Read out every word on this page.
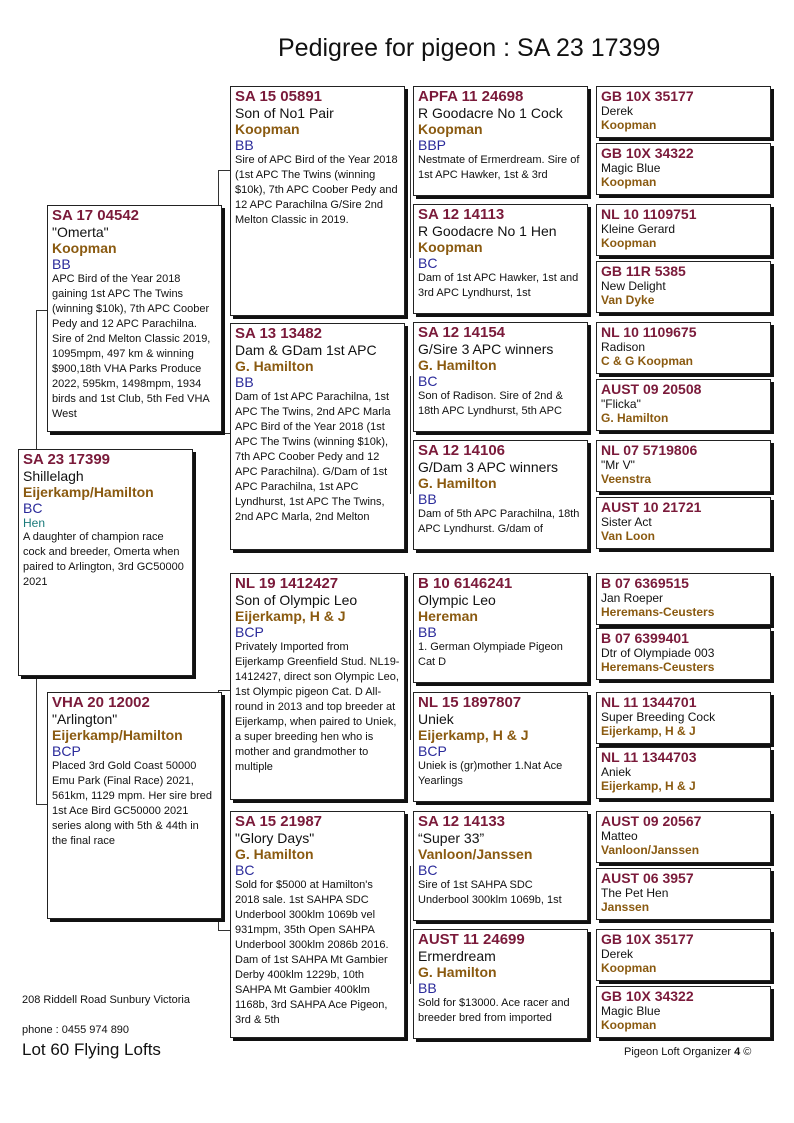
Pedigree for pigeon : SA 23 17399
SA 23 17399
Shillelagh
Eijerkamp/Hamilton
BC
Hen
A daughter of champion race cock and breeder, Omerta when paired to Arlington, 3rd GC50000 2021
SA 17 04542
"Omerta"
Koopman
BB
APC Bird of the Year 2018 gaining 1st APC The Twins (winning $10k), 7th APC Coober Pedy and 12 APC Parachilna. Sire of 2nd Melton Classic 2019, 1095mpm, 497 km & winning $900,18th VHA Parks Produce 2022, 595km, 1498mpm, 1934 birds and 1st Club, 5th Fed VHA West
VHA 20 12002
"Arlington"
Eijerkamp/Hamilton
BCP
Placed 3rd Gold Coast 50000 Emu Park (Final Race) 2021, 561km, 1129 mpm. Her sire bred 1st Ace Bird GC50000 2021 series along with 5th & 44th in the final race
SA 15 05891
Son of No1 Pair
Koopman
BB
Sire of APC Bird of the Year 2018 (1st APC The Twins (winning $10k), 7th APC Coober Pedy and 12 APC Parachilna G/Sire 2nd Melton Classic in 2019.
SA 13 13482
Dam & GDam 1st APC
G. Hamilton
BB
Dam of 1st APC Parachilna, 1st APC The Twins, 2nd APC Marla APC Bird of the Year 2018 (1st APC The Twins (winning $10k), 7th APC Coober Pedy and 12 APC Parachilna). G/Dam of 1st APC Parachilna, 1st APC Lyndhurst, 1st APC The Twins, 2nd APC Marla, 2nd Melton
NL 19 1412427
Son of Olympic Leo
Eijerkamp, H & J
BCP
Privately Imported from Eijerkamp Greenfield Stud. NL19-1412427, direct son Olympic Leo, 1st Olympic pigeon Cat. D All-round in 2013 and top breeder at Eijerkamp, when paired to Uniek, a super breeding hen who is mother and grandmother to multiple
SA 15 21987
"Glory Days"
G. Hamilton
BC
Sold for $5000 at Hamilton's 2018 sale. 1st SAHPA SDC Underbool 300klm 1069b vel 931mpm, 35th Open SAHPA Underbool 300klm 2086b 2016. Dam of 1st SAHPA Mt Gambier Derby 400klm 1229b, 10th SAHPA Mt Gambier 400klm 1168b, 3rd SAHPA Ace Pigeon, 3rd & 5th
APFA 11 24698
R Goodacre No 1 Cock
Koopman
BBP
Nestmate of Ermerdream. Sire of 1st APC Hawker, 1st & 3rd
SA 12 14113
R Goodacre No 1 Hen
Koopman
BC
Dam of 1st APC Hawker, 1st and 3rd APC Lyndhurst, 1st
SA 12 14154
G/Sire 3 APC winners
G. Hamilton
BC
Son of Radison. Sire of 2nd & 18th APC Lyndhurst, 5th APC
SA 12 14106
G/Dam 3 APC winners
G. Hamilton
BB
Dam of 5th APC Parachilna, 18th APC Lyndhurst. G/dam of
B 10 6146241
Olympic Leo
Hereman
BB
1. German Olympiade Pigeon Cat D
NL 15 1897807
Uniek
Eijerkamp, H & J
BCP
Uniek is (gr)mother 1.Nat Ace Yearlings
SA 12 14133
“Super 33”
Vanloon/Janssen
BC
Sire of 1st SAHPA SDC Underbool 300klm 1069b, 1st
AUST 11 24699
Ermerdream
G. Hamilton
BB
Sold for $13000. Ace racer and breeder bred from imported
GB 10X 35177
Derek
Koopman
GB 10X 34322
Magic Blue
Koopman
NL 10 1109751
Kleine Gerard
Koopman
GB 11R 5385
New Delight
Van Dyke
NL 10 1109675
Radison
C & G Koopman
AUST 09 20508
"Flicka"
G. Hamilton
NL 07 5719806
"Mr V"
Veenstra
AUST 10 21721
Sister Act
Van Loon
B 07 6369515
Jan Roeper
Heremans-Ceusters
B 07 6399401
Dtr of Olympiade 003
Heremans-Ceusters
NL 11 1344701
Super Breeding Cock
Eijerkamp, H & J
NL 11 1344703
Aniek
Eijerkamp, H & J
AUST 09 20567
Matteo
Vanloon/Janssen
AUST 06 3957
The Pet Hen
Janssen
GB 10X 35177
Derek
Koopman
GB 10X 34322
Magic Blue
Koopman
208 Riddell Road Sunbury Victoria
phone : 0455 974 890
Lot 60 Flying Lofts	Pigeon Loft Organizer 4 ©
